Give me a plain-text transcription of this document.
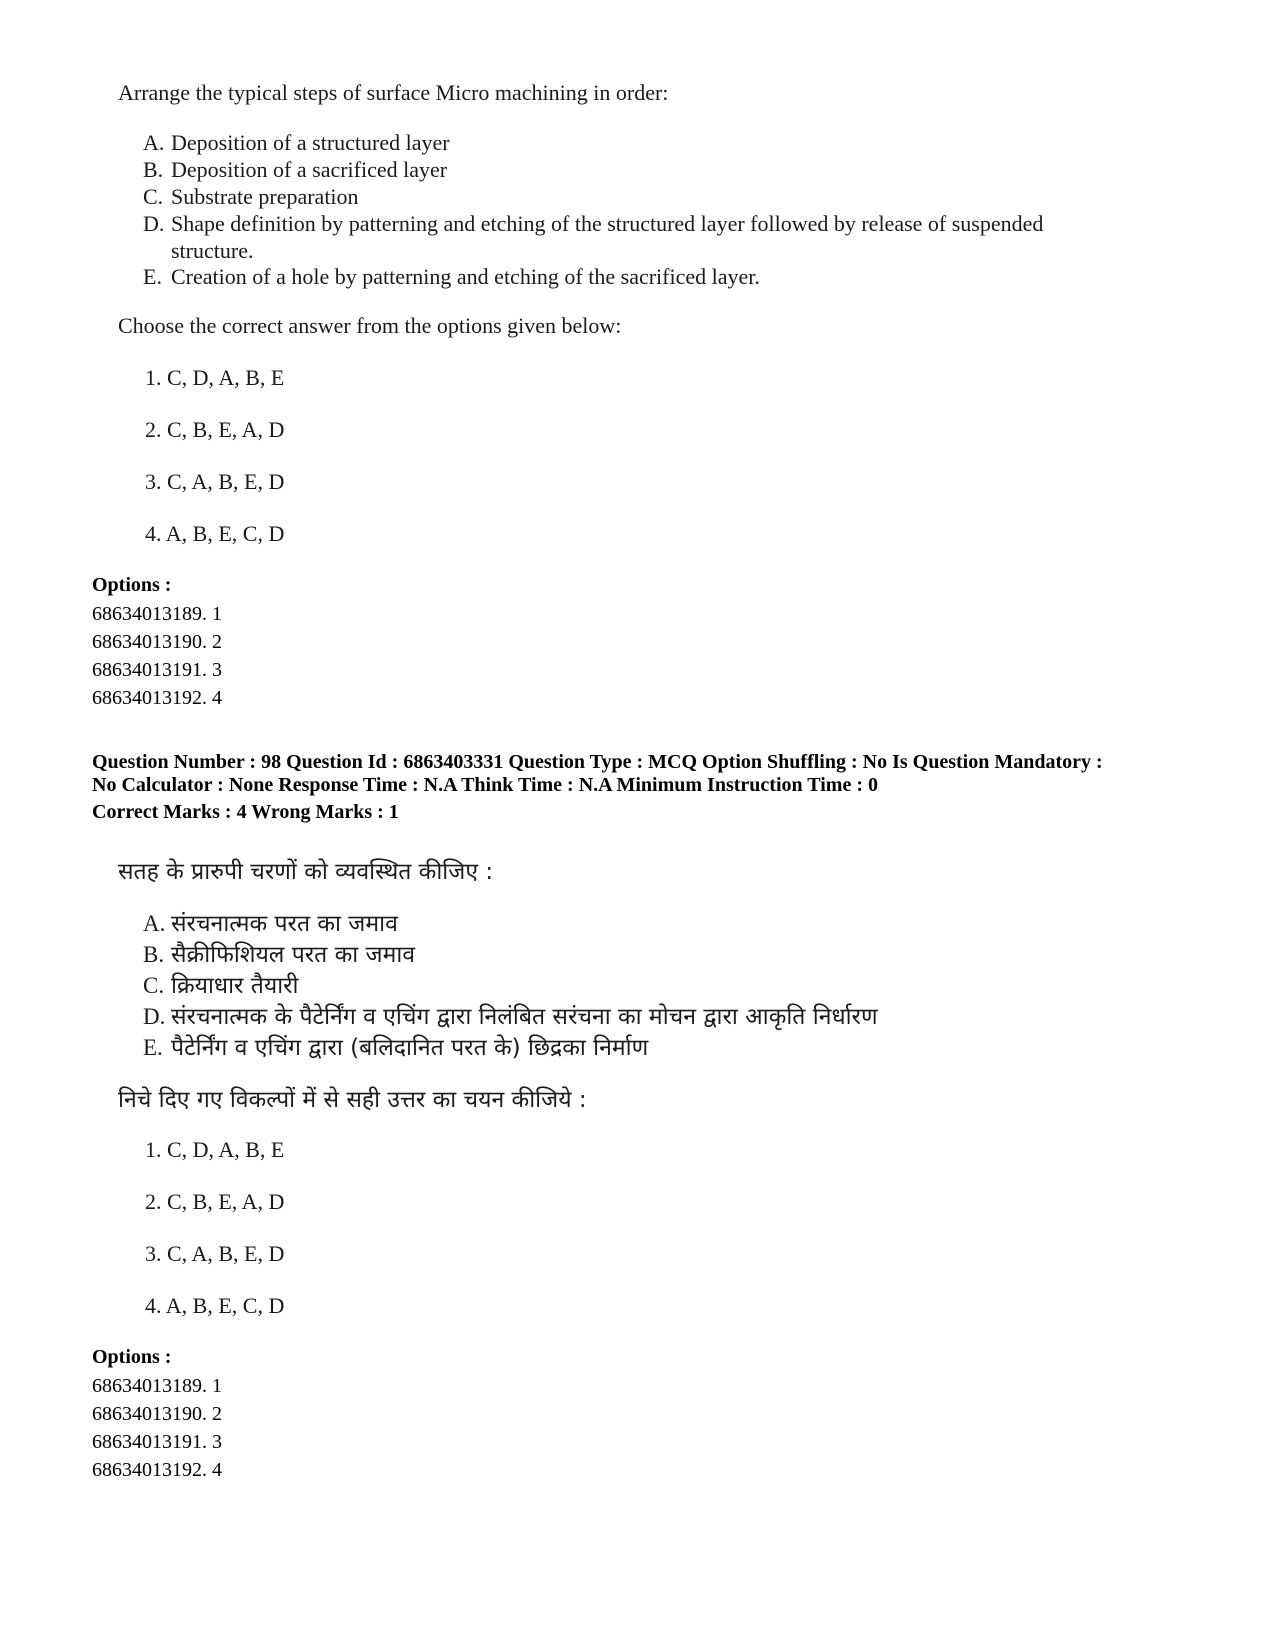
Arrange the typical steps of surface Micro machining in order:
A. Deposition of a structured layer
B. Deposition of a sacrificed layer
C. Substrate preparation
D. Shape definition by patterning and etching of the structured layer followed by release of suspended
structure.
E. Creation of a hole by patterning and etching of the sacrificed layer.
Choose the correct answer from the options given below:
1. C, D, A, B, E
2. C, B, E, A, D
3. C, A, B, E, D
4. A, B, E, C, D
Options :
68634013189. 1
68634013190. 2
68634013191. 3
68634013192. 4
Question Number : 98 Question Id : 6863403331 Question Type : MCQ Option Shuffling : No Is Question Mandatory :
No Calculator : None Response Time : N.A Think Time : N.A Minimum Instruction Time : 0
Correct Marks : 4 Wrong Marks : 1
सतह के प्रारुपी चरणों को व्यवस्थित कीजिए :
A. संरचनात्मक परत का जमाव
B. सैक्रीफिशियल परत का जमाव
C. क्रियाधार तैयारी
D. संरचनात्मक के पैटेर्निंग व एचिंग द्वारा निलंबित सरंचना का मोचन द्वारा आकृति निर्धारण
E. पैटेर्निंग व एचिंग द्वारा (बलिदानित परत के) छिद्रका निर्माण
निचे दिए गए विकल्पों में से सही उत्तर का चयन कीजिये :
1. C, D, A, B, E
2. C, B, E, A, D
3. C, A, B, E, D
4. A, B, E, C, D
Options :
68634013189. 1
68634013190. 2
68634013191. 3
68634013192. 4
